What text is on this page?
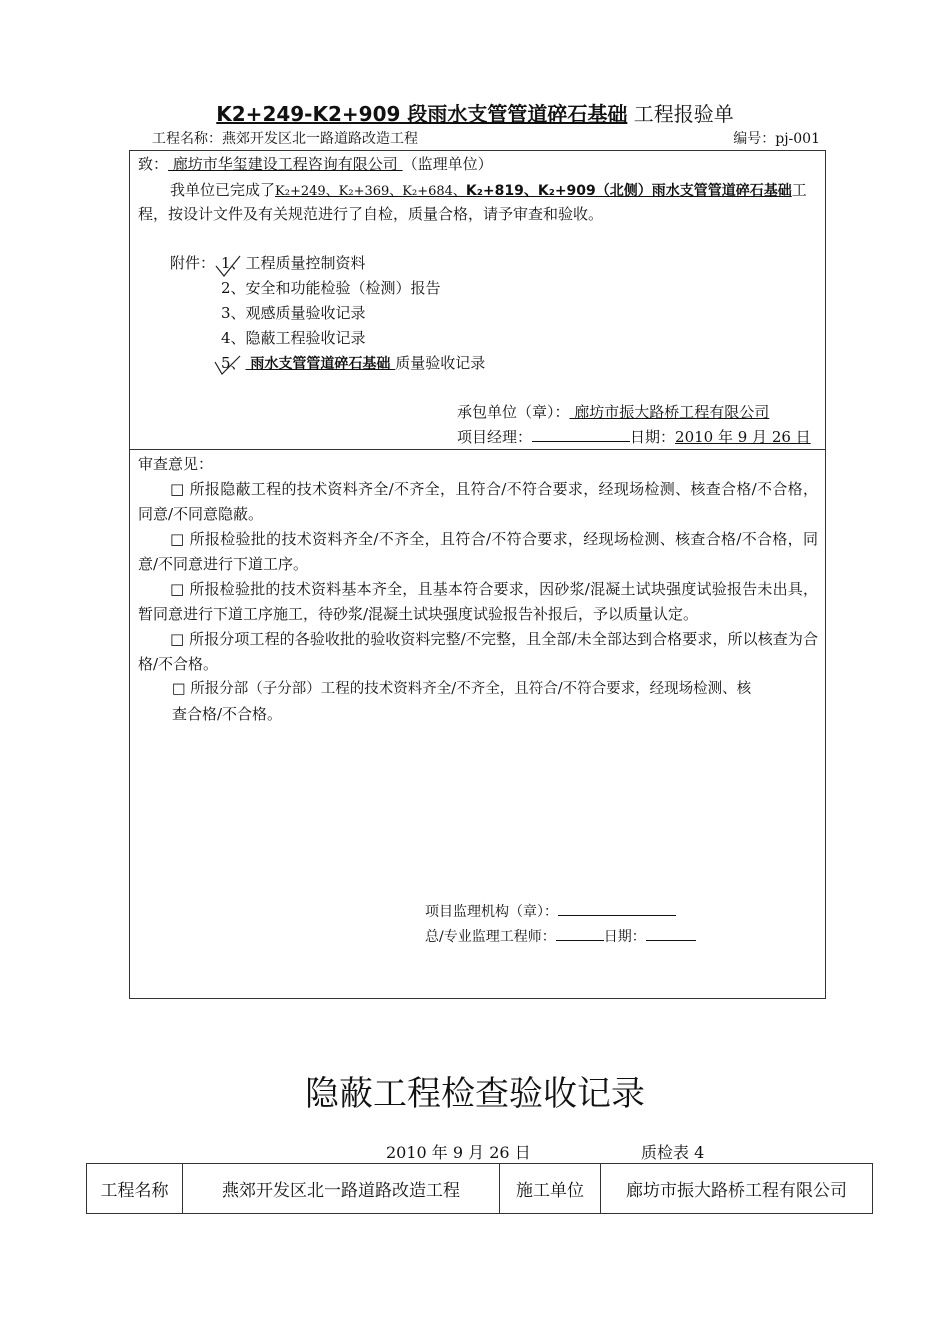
K2+249-K2+909 段雨水支管管道碎石基础 工程报验单
工程名称：燕郊开发区北一路道路改造工程	编号：pj-001
致： 廊坊市华玺建设工程咨询有限公司 （监理单位）
我单位已完成了K₂+249、K₂+369、K₂+684、K₂+819、K₂+909（北侧）雨水支管管道碎石基础工
程，按设计文件及有关规范进行了自检，质量合格，请予审查和验收。
附件： 1、工程质量控制资料
2、安全和功能检验（检测）报告
3、观感质量验收记录
4、隐蔽工程验收记录
5、 雨水支管管道碎石基础 质量验收记录
承包单位（章）： 廊坊市振大路桥工程有限公司
项目经理：	日期：2010 年 9 月 26 日
审查意见：
□ 所报隐蔽工程的技术资料齐全/不齐全，且符合/不符合要求，经现场检测、核查合格/不合格，同意/不同意隐蔽。
□ 所报检验批的技术资料齐全/不齐全，且符合/不符合要求，经现场检测、核查合格/不合格，同意/不同意进行下道工序。
□ 所报检验批的技术资料基本齐全，且基本符合要求，因砂浆/混凝土试块强度试验报告未出具，暂同意进行下道工序施工，待砂浆/混凝土试块强度试验报告补报后，予以质量认定。
□ 所报分项工程的各验收批的验收资料完整/不完整，且全部/未全部达到合格要求，所以核查为合格/不合格。
□ 所报分部（子分部）工程的技术资料齐全/不齐全，且符合/不符合要求，经现场检测、核
查合格/不合格。
项目监理机构（章）：
总/专业监理工程师：	日期：
隐蔽工程检查验收记录
2010 年 9 月 26 日	质检表 4
工程名称	燕郊开发区北一路道路改造工程	施工单位	廊坊市振大路桥工程有限公司
